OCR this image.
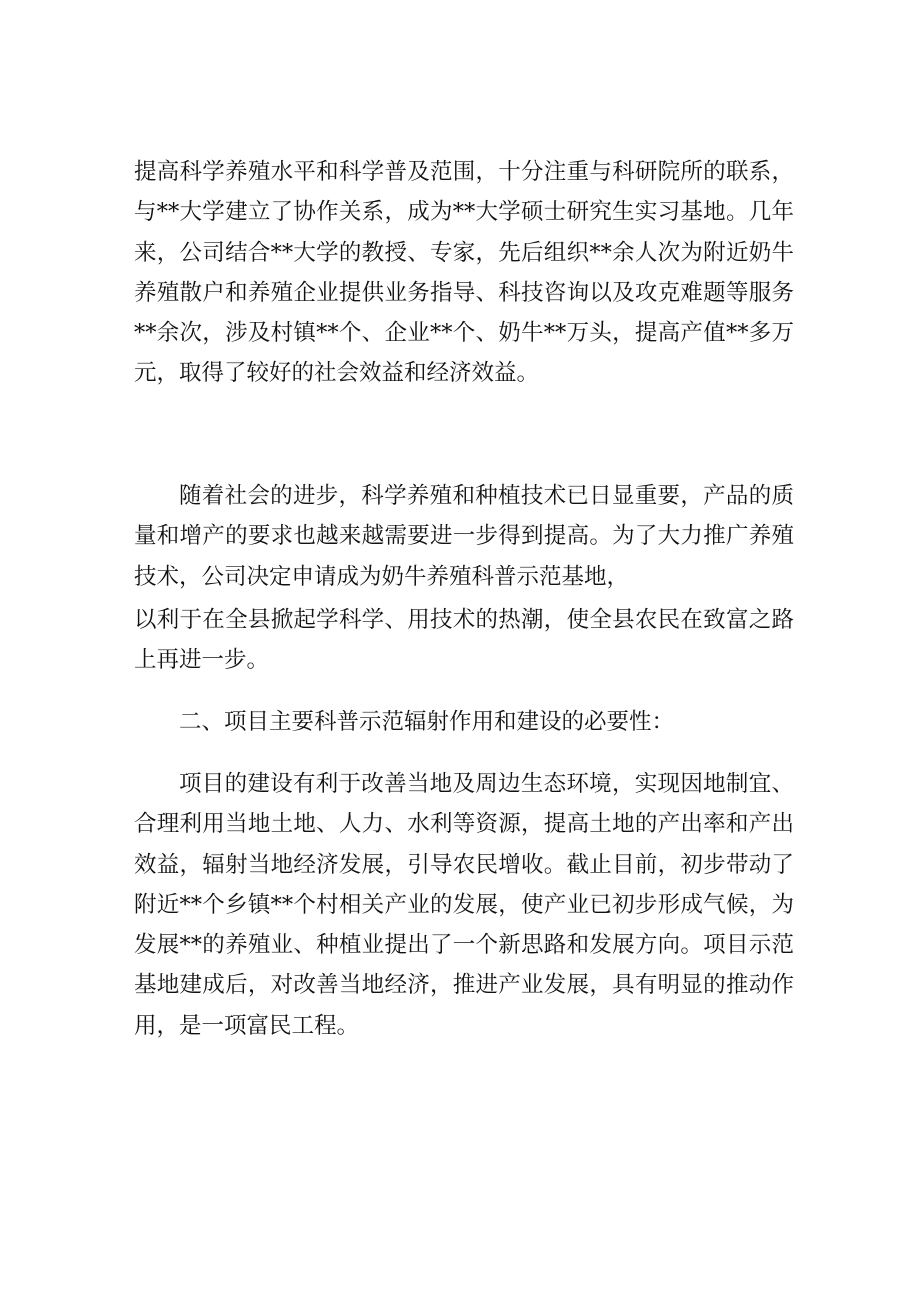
提高科学养殖水平和科学普及范围，十分注重与科研院所的联系，与**大学建立了协作关系，成为**大学硕士研究生实习基地。几年来，公司结合**大学的教授、专家，先后组织**余人次为附近奶牛养殖散户和养殖企业提供业务指导、科技咨询以及攻克难题等服务**余次，涉及村镇**个、企业**个、奶牛**万头，提高产值**多万元，取得了较好的社会效益和经济效益。

随着社会的进步，科学养殖和种植技术已日显重要，产品的质量和增产的要求也越来越需要进一步得到提高。为了大力推广养殖技术，公司决定申请成为奶牛养殖科普示范基地，

以利于在全县掀起学科学、用技术的热潮，使全县农民在致富之路上再进一步。

二、项目主要科普示范辐射作用和建设的必要性：

项目的建设有利于改善当地及周边生态环境，实现因地制宜、合理利用当地土地、人力、水利等资源，提高土地的产出率和产出效益，辐射当地经济发展，引导农民增收。截止目前，初步带动了附近**个乡镇**个村相关产业的发展，使产业已初步形成气候，为发展**的养殖业、种植业提出了一个新思路和发展方向。项目示范基地建成后，对改善当地经济，推进产业发展，具有明显的推动作用，是一项富民工程。
